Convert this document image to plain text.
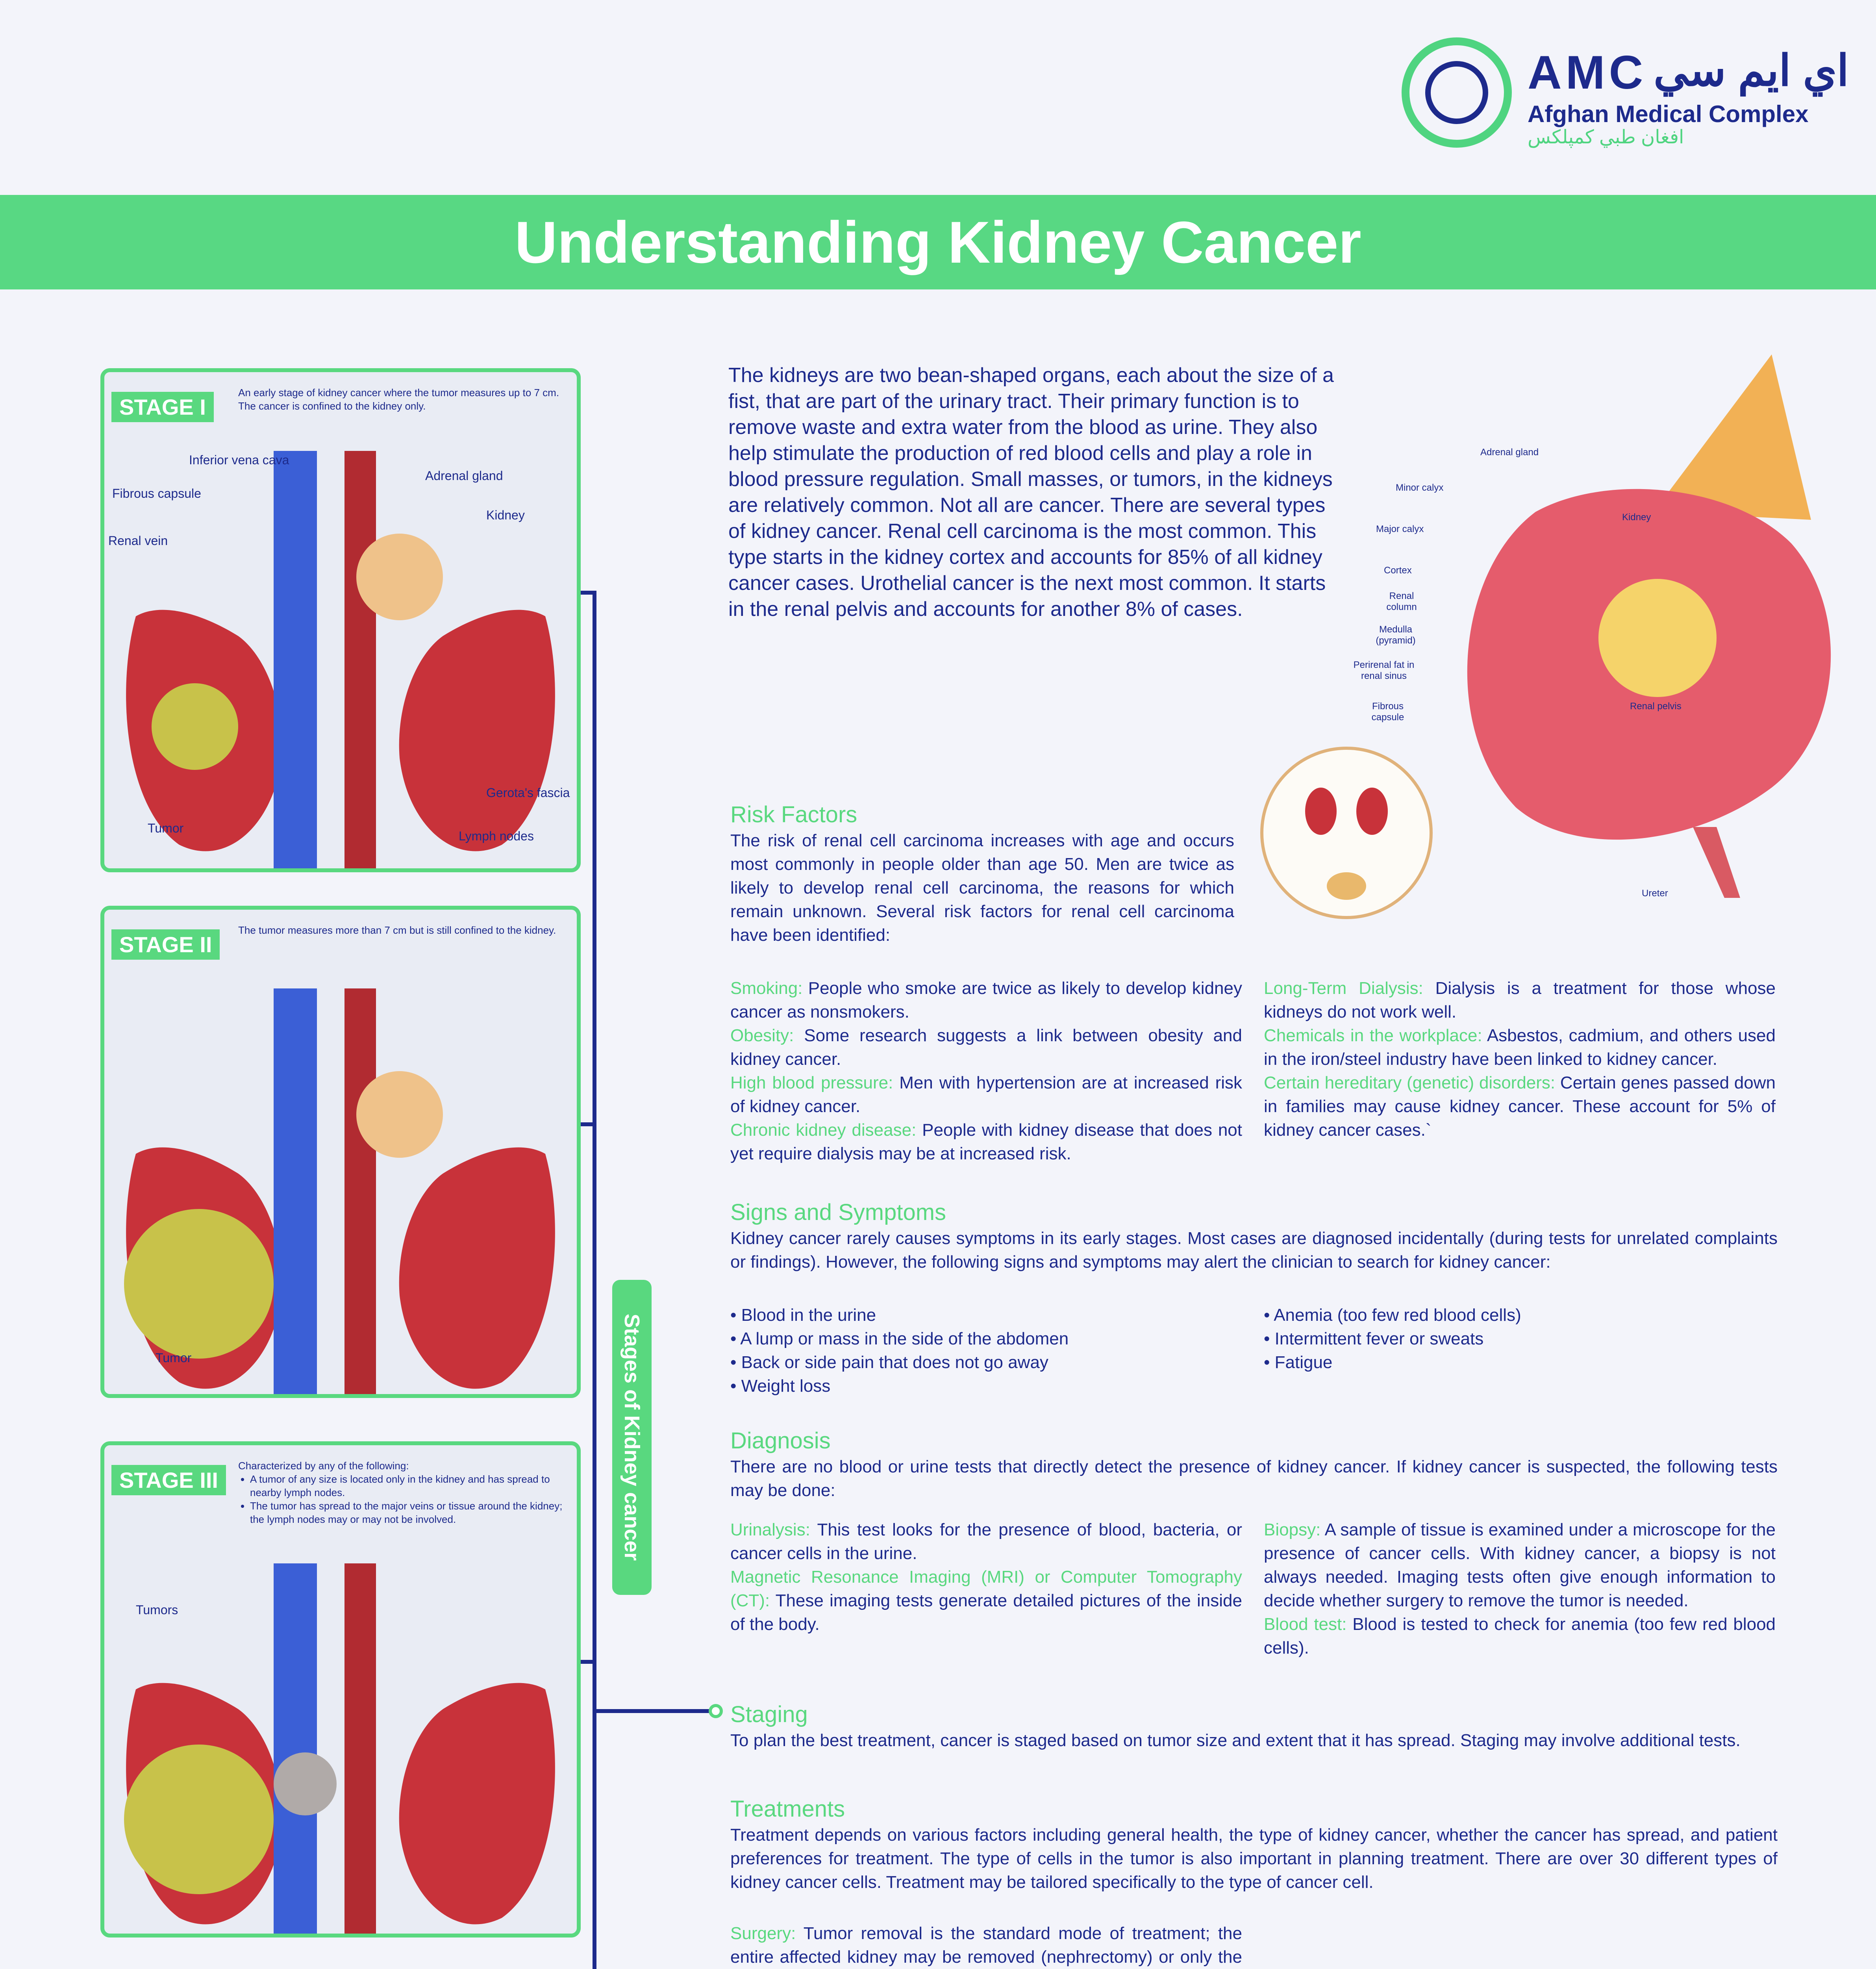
AMC اي ايم سي
Afghan Medical Complex
افغان طبي كمپلكس
Understanding Kidney Cancer
Stages of Kidney cancer
STAGE I
An early stage of kidney cancer where the tumor measures up to 7 cm. The cancer is confined to the kidney only.
Inferior vena cava
Adrenal gland
Fibrous capsule
Kidney
Renal vein
Gerota's fascia
Tumor
Lymph nodes
STAGE II
The tumor measures more than 7 cm but is still confined to the kidney.
Tumor
STAGE III
Characterized by any of the following:
• A tumor of any size is located only in the kidney and has spread to nearby lymph nodes.
• The tumor has spread to the major veins or tissue around the kidney; the lymph nodes may or may not be involved.
Tumors
The kidneys are two bean-shaped organs, each about the size of a fist, that are part of the urinary tract. Their primary function is to remove waste and extra water from the blood as urine. They also help stimulate the production of red blood cells and play a role in blood pressure regulation. Small masses, or tumors, in the kidneys are relatively common. Not all are cancer. There are several types of kidney cancer. Renal cell carcinoma is the most common. This type starts in the kidney cortex and accounts for 85% of all kidney cancer cases. Urothelial cancer is the next most common. It starts in the renal pelvis and accounts for another 8% of cases.
Adrenal gland
Minor calyx
Major calyx
Kidney
Cortex
Renal column
Medulla (pyramid)
Perirenal fat in renal sinus
Fibrous capsule
Renal pelvis
Ureter
Risk Factors
The risk of renal cell carcinoma increases with age and occurs most commonly in people older than age 50. Men are twice as likely to develop renal cell carcinoma, the reasons for which remain unknown. Several risk factors for renal cell carcinoma have been identified:
Smoking: People who smoke are twice as likely to develop kidney cancer as nonsmokers.
Obesity: Some research suggests a link between obesity and kidney cancer.
High blood pressure: Men with hypertension are at increased risk of kidney cancer.
Chronic kidney disease: People with kidney disease that does not yet require dialysis may be at increased risk.
Long-Term Dialysis: Dialysis is a treatment for those whose kidneys do not work well.
Chemicals in the workplace: Asbestos, cadmium, and others used in the iron/steel industry have been linked to kidney cancer.
Certain hereditary (genetic) disorders: Certain genes passed down in families may cause kidney cancer. These account for 5% of kidney cancer cases.`
Signs and Symptoms
Kidney cancer rarely causes symptoms in its early stages. Most cases are diagnosed incidentally (during tests for unrelated complaints or findings). However, the following signs and symptoms may alert the clinician to search for kidney cancer:
• Blood in the urine
• A lump or mass in the side of the abdomen
• Back or side pain that does not go away
• Weight loss
• Anemia (too few red blood cells)
• Intermittent fever or sweats
• Fatigue
Diagnosis
There are no blood or urine tests that directly detect the presence of kidney cancer. If kidney cancer is suspected, the following tests may be done:
Urinalysis: This test looks for the presence of blood, bacteria, or cancer cells in the urine.
Magnetic Resonance Imaging (MRI) or Computer Tomography (CT): These imaging tests generate detailed pictures of the inside of the body.
Biopsy: A sample of tissue is examined under a microscope for the presence of cancer cells. With kidney cancer, a biopsy is not always needed. Imaging tests often give enough information to decide whether surgery to remove the tumor is needed.
Blood test: Blood is tested to check for anemia (too few red blood cells).
Staging
To plan the best treatment, cancer is staged based on tumor size and extent that it has spread. Staging may involve additional tests.
Treatments
Treatment depends on various factors including general health, the type of kidney cancer, whether the cancer has spread, and patient preferences for treatment. The type of cells in the tumor is also important in planning treatment. There are over 30 different types of kidney cancer cells. Treatment may be tailored specifically to the type of cancer cell.
Surgery: Tumor removal is the standard mode of treatment; the entire affected kidney may be removed (nephrectomy) or only the
